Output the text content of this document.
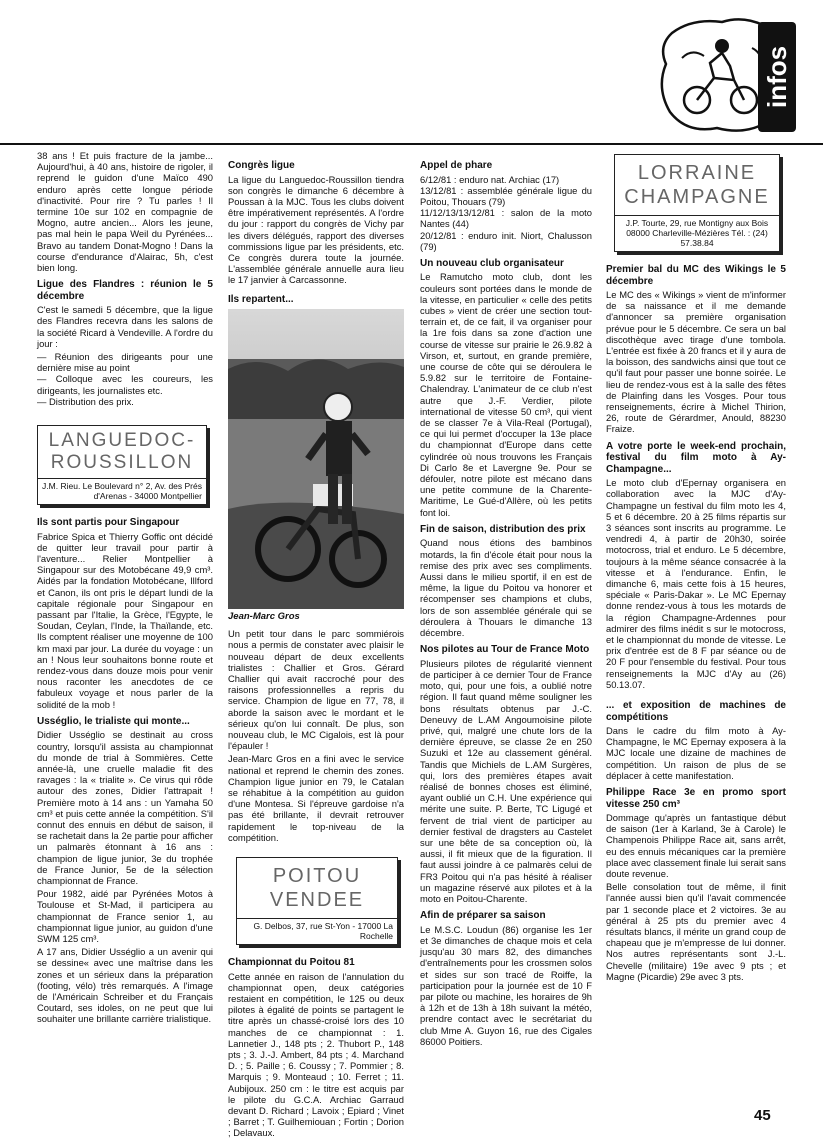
infos

38 ans ! Et puis fracture de la jambe... Aujourd'hui, à 40 ans, histoire de rigoler, il reprend le guidon d'une Maïco 490 enduro après cette longue période d'inactivité. Pour rire ? Tu parles ! Il termine 10e sur 102 en compagnie de Mogno, autre ancien... Alors les jeune, pas mal hein le papa Weil du Pyrénées... Bravo au tandem Donat-Mogno ! Dans la course d'endurance d'Alairac, 5h, c'est bien long.

Ligue des Flandres : réunion le 5 décembre

C'est le samedi 5 décembre, que la ligue des Flandres recevra dans les salons de la société Ricard à Vendeville. A l'ordre du jour :

— Réunion des dirigeants pour une dernière mise au point

— Colloque avec les coureurs, les dirigeants, les journalistes etc.

— Distribution des prix.

LANGUEDOC-
ROUSSILLON
J.M. Rieu. Le Boulevard n° 2, Av. des Prés d'Arenas - 34000 Montpellier
Ils sont partis pour Singapour

Fabrice Spica et Thierry Goffic ont décidé de quitter leur travail pour partir à l'aventure... Relier Montpellier à Singapour sur des Motobécane 49,9 cm³. Aidés par la fondation Motobécane, Illford et Canon, ils ont pris le départ lundi de la capitale régionale pour Singapour en passant par l'Italie, la Grèce, l'Egypte, le Soudan, Ceylan, l'Inde, la Thaïlande, etc. Ils comptent réaliser une moyenne de 100 km maxi par jour. La durée du voyage : un an ! Nous leur souhaitons bonne route et rendez-vous dans douze mois pour venir nous raconter les anecdotes de ce fabuleux voyage et nous parler de la solidité de la mob !

Usséglio, le trialiste qui monte...

Didier Usséglio se destinait au cross country, lorsqu'il assista au championnat du monde de trial à Sommières. Cette année-là, une cruelle maladie fit des ravages : la « trialite ». Ce virus qui rôde autour des zones, Didier l'attrapait ! Première moto à 14 ans : un Yamaha 50 cm³ et puis cette année la compétition. S'il connut des ennuis en début de saison, il se rachetait dans la 2e partie pour afficher un palmarès étonnant à 16 ans : champion de ligue junior, 3e du trophée de France Junior, 5e de la sélection championnat de France.

Pour 1982, aidé par Pyrénées Motos à Toulouse et St-Mad, il participera au championnat de France senior 1, au championnat ligue junior, au guidon d'une SWM 125 cm³.

A 17 ans, Didier Usséglio a un avenir qui se dessine« avec une maîtrise dans les zones et un sérieux dans la préparation (footing, vélo) très remarqués. A l'image de l'Américain Schreiber et du Français Coutard, ses idoles, on ne peut que lui souhaiter une brillante carrière trialistique.

Congrès ligue

La ligue du Languedoc-Roussillon tiendra son congrès le dimanche 6 décembre à Poussan à la MJC. Tous les clubs doivent être impérativement représentés. A l'ordre du jour : rapport du congrès de Vichy par les divers délégués, rapport des diverses commissions ligue par les présidents, etc. Ce congrès durera toute la journée. L'assemblée générale annuelle aura lieu le 17 janvier à Carcassonne.

Ils repartent...
Jean-Marc Gros

Un petit tour dans le parc sommiérois nous a permis de constater avec plaisir le nouveau départ de deux excellents trialistes : Challier et Gros. Gérard Challier qui avait raccroché pour des raisons professionnelles a repris du service. Champion de ligue en 77, 78, il aborde la saison avec le mordant et le sérieux qu'on lui connaît. De plus, son nouveau club, le MC Cigalois, est là pour l'épauler !

Jean-Marc Gros en a fini avec le service national et reprend le chemin des zones. Champion ligue junior en 79, le Catalan se réhabitue à la compétition au guidon d'une Montesa. Si l'épreuve gardoise n'a pas été brillante, il devrait retrouver rapidement le top-niveau de la compétition.

POITOU
VENDEE
G. Delbos, 37, rue St-Yon - 17000 La Rochelle
Championnat du Poitou 81

Cette année en raison de l'annulation du championnat open, deux catégories restaient en compétition, le 125 ou deux pilotes à égalité de points se partagent le titre après un chassé-croisé lors des 10 manches de ce championnat : 1. Lannetier J., 148 pts ; 2. Thubort P., 148 pts ; 3. J.-J. Ambert, 84 pts ; 4. Marchand D. ; 5. Paille ; 6. Coussy ; 7. Pommier ; 8. Marquis ; 9. Monteaud ; 10. Ferret ; 11. Aubijoux. 250 cm : le titre est acquis par le pilote du G.C.A. Archiac Garraud devant D. Richard ; Lavoix ; Epiard ; Vinet ; Barret ; T. Guilhemiouan ; Fortin ; Dorion ; Delavaux.

Appel de phare

6/12/81 : enduro nat. Archiac (17)

13/12/81 : assemblée générale ligue du Poitou, Thouars (79)

11/12/13/13/12/81 : salon de la moto Nantes (44)

20/12/81 : enduro init. Niort, Chalusson (79)

Un nouveau club organisateur

Le Ramutcho moto club, dont les couleurs sont portées dans le monde de la vitesse, en particulier « celle des petits cubes » vient de créer une section tout-terrain et, de ce fait, il va organiser pour la 1re fois dans sa zone d'action une course de vitesse sur prairie le 26.9.82 à Virson, et, surtout, en grande première, une course de côte qui se déroulera le 5.9.82 sur le territoire de Fontaine-Chalendray. L'animateur de ce club n'est autre que J.-F. Verdier, pilote international de vitesse 50 cm³, qui vient de se classer 7e à Vila-Real (Portugal), ce qui lui permet d'occuper la 13e place du championnat d'Europe dans cette cylindrée où nous trouvons les Français Di Carlo 8e et Lavergne 9e. Pour se défouler, notre pilote est mécano dans une petite commune de la Charente-Maritime, Le Gué-d'Allère, où les petits font loi.

Fin de saison, distribution des prix

Quand nous étions des bambinos motards, la fin d'école était pour nous la remise des prix avec ses compliments. Aussi dans le milieu sportif, il en est de même, la ligue du Poitou va honorer et récompenser ses champions et clubs, lors de son assemblée générale qui se déroulera à Thouars le dimanche 13 décembre.

Nos pilotes au Tour de France Moto

Plusieurs pilotes de régularité viennent de participer à ce dernier Tour de France moto, qui, pour une fois, a oublié notre région. Il faut quand même souligner les bons résultats obtenus par J.-C. Deneuvy de L.AM Angoumoisine pilote privé, qui, malgré une chute lors de la dernière épreuve, se classe 2e en 250 Suzuki et 12e au classement général. Tandis que Michiels de L.AM Surgères, qui, lors des premières étapes avait réalisé de bonnes choses est éliminé, ayant oublié un C.H. Une expérience qui mérite une suite. P. Berte, TC Ligugé et fervent de trial vient de participer au dernier festival de dragsters au Castelet sur une bête de sa conception où, là aussi, il fit mieux que de la figuration. Il faut aussi joindre à ce palmarès celui de FR3 Poitou qui n'a pas hésité à réaliser un magazine réservé aux pilotes et à la moto en Poitou-Charente.

Afin de préparer sa saison

Le M.S.C. Loudun (86) organise les 1er et 3e dimanches de chaque mois et cela jusqu'au 30 mars 82, des dimanches d'entraînements pour les crossmen solos et sides sur son tracé de Roiffe, la participation pour la journée est de 10 F par pilote ou machine, les horaires de 9h à 12h et de 13h à 18h suivant la météo, prendre contact avec le secrétariat du club Mme A. Guyon 16, rue des Cigales 86000 Poitiers.

LORRAINE
CHAMPAGNE
J.P. Tourte, 29, rue Montigny aux Bois 08000 Charleville-Mézières Tél. : (24) 57.38.84
Premier bal du MC des Wikings le 5 décembre

Le MC des « Wikings » vient de m'informer de sa naissance et il me demande d'annoncer sa première organisation prévue pour le 5 décembre. Ce sera un bal discothèque avec tirage d'une tombola. L'entrée est fixée à 20 francs et il y aura de la boisson, des sandwichs ainsi que tout ce qu'il faut pour passer une bonne soirée. Le lieu de rendez-vous est à la salle des fêtes de Plainfing dans les Vosges. Pour tous renseignements, écrire à Michel Thirion, 26, route de Gérardmer, Anould, 88230 Fraize.

A votre porte le week-end prochain, festival du film moto à Ay-Champagne...

Le moto club d'Epernay organisera en collaboration avec la MJC d'Ay-Champagne un festival du film moto les 4, 5 et 6 décembre. 20 à 25 films répartis sur 3 séances sont inscrits au programme. Le vendredi 4, à partir de 20h30, soirée motocross, trial et enduro. Le 5 décembre, toujours à la même séance consacrée à la vitesse et à l'endurance. Enfin, le dimanche 6, mais cette fois à 15 heures, spéciale « Paris-Dakar ». Le MC Epernay donne rendez-vous à tous les motards de la région Champagne-Ardennes pour admirer des films inédit s sur le motocross, et le championnat du monde de vitesse. Le prix d'entrée est de 8 F par séance ou de 20 F pour l'ensemble du festival. Pour tous renseignements la MJC d'Ay au (26) 50.13.07.

... et exposition de machines de compétitions

Dans le cadre du film moto à Ay-Champagne, le MC Epernay exposera à la MJC locale une dizaine de machines de compétition. Un raison de plus de se déplacer à cette manifestation.

Philippe Race 3e en promo sport vitesse 250 cm³

Dommage qu'après un fantastique début de saison (1er à Karland, 3e à Carole) le Champenois Philippe Race ait, sans arrêt, eu des ennuis mécaniques car la première place avec classement finale lui serait sans doute revenue.

Belle consolation tout de même, il finit l'année aussi bien qu'il l'avait commencée par 1 seconde place et 2 victoires. 3e au général à 25 pts du premier avec 4 résultats blancs, il mérite un grand coup de chapeau que je m'empresse de lui donner. Nos autres représentants sont J.-L. Chevelle (militaire) 19e avec 9 pts ; et Magne (Picardie) 29e avec 3 pts.

45
